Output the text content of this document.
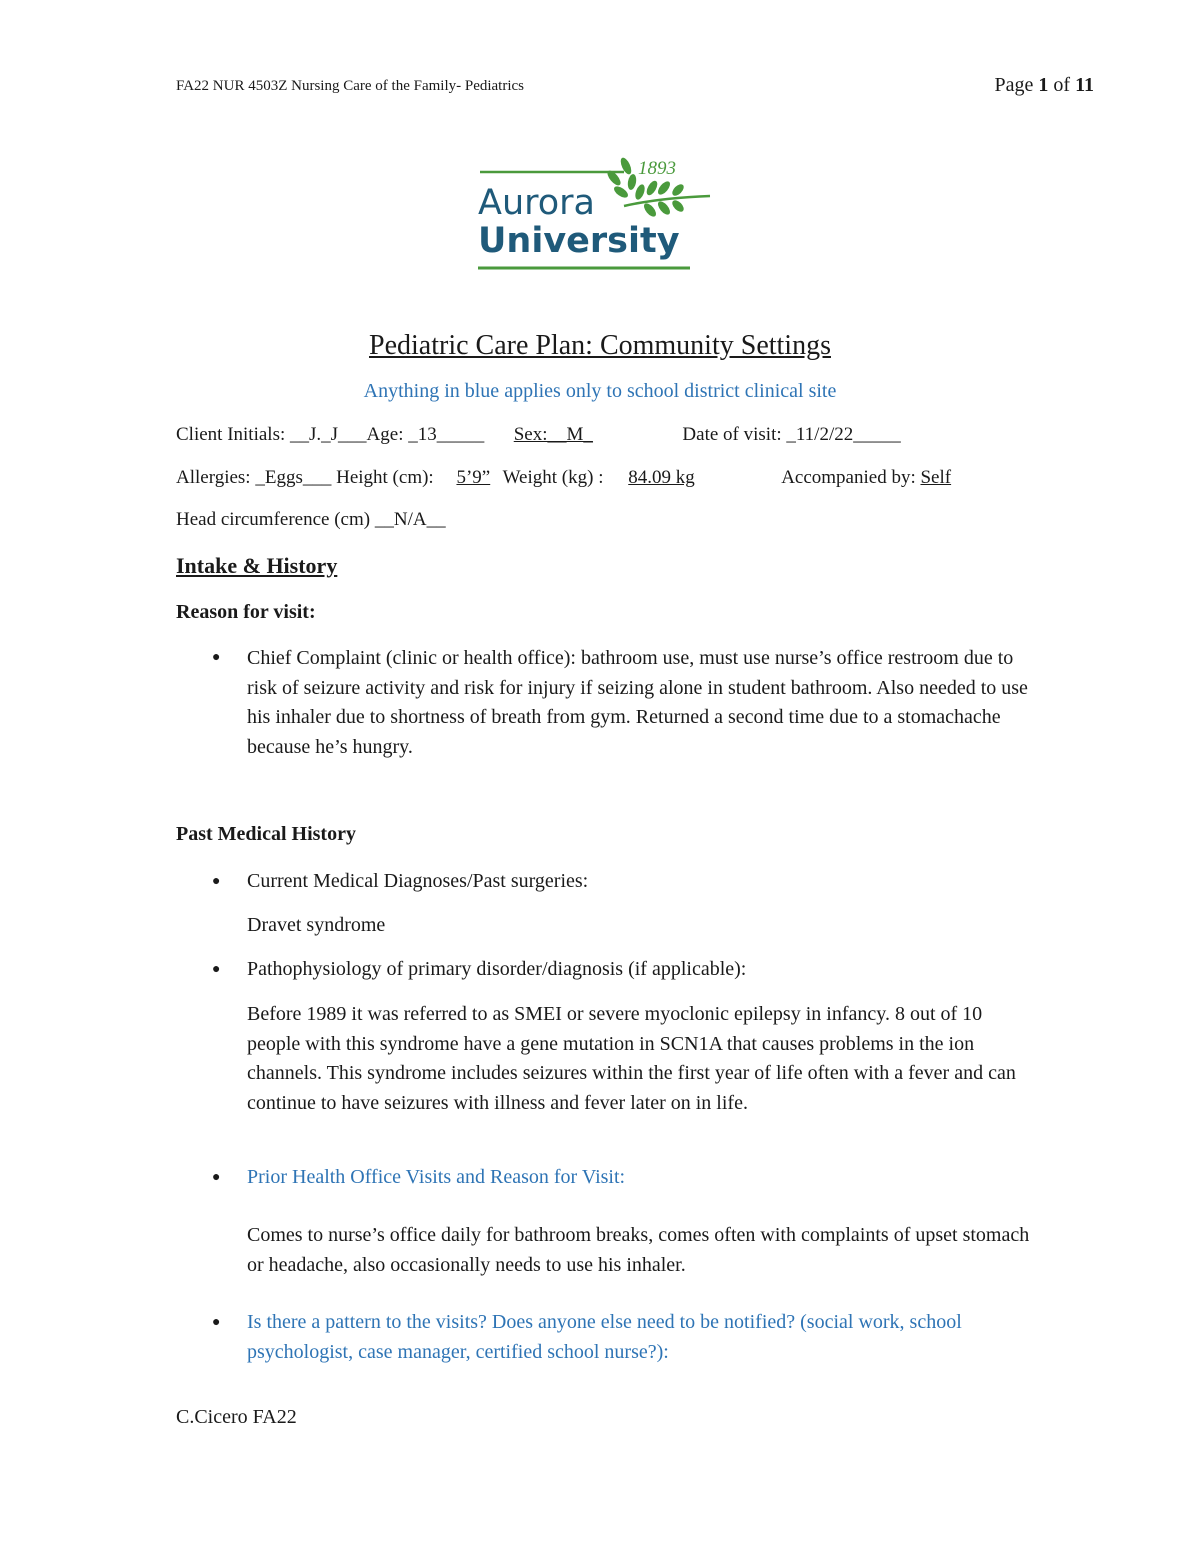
FA22 NUR 4503Z Nursing Care of the Family- Pediatrics	Page 1 of 11
1893
Aurora
University
Pediatric Care Plan: Community Settings
Anything in blue applies only to school district clinical site
Client Initials: __J._J___Age: _13_____ Sex:__M_	Date of visit: _11/2/22_____
Allergies: _Eggs___ Height (cm): 5’9” Weight (kg) : 84.09 kg	Accompanied by: Self
Head circumference (cm) __N/A__
Intake & History
Reason for visit:
● Chief Complaint (clinic or health office): bathroom use, must use nurse’s office restroom due to risk of seizure activity and risk for injury if seizing alone in student bathroom. Also needed to use his inhaler due to shortness of breath from gym. Returned a second time due to a stomachache because he’s hungry.
Past Medical History
● Current Medical Diagnoses/Past surgeries:
Dravet syndrome
● Pathophysiology of primary disorder/diagnosis (if applicable):
Before 1989 it was referred to as SMEI or severe myoclonic epilepsy in infancy. 8 out of 10 people with this syndrome have a gene mutation in SCN1A that causes problems in the ion channels. This syndrome includes seizures within the first year of life often with a fever and can continue to have seizures with illness and fever later on in life.
● Prior Health Office Visits and Reason for Visit:
Comes to nurse’s office daily for bathroom breaks, comes often with complaints of upset stomach or headache, also occasionally needs to use his inhaler.
● Is there a pattern to the visits? Does anyone else need to be notified? (social work, school psychologist, case manager, certified school nurse?):
C.Cicero FA22
